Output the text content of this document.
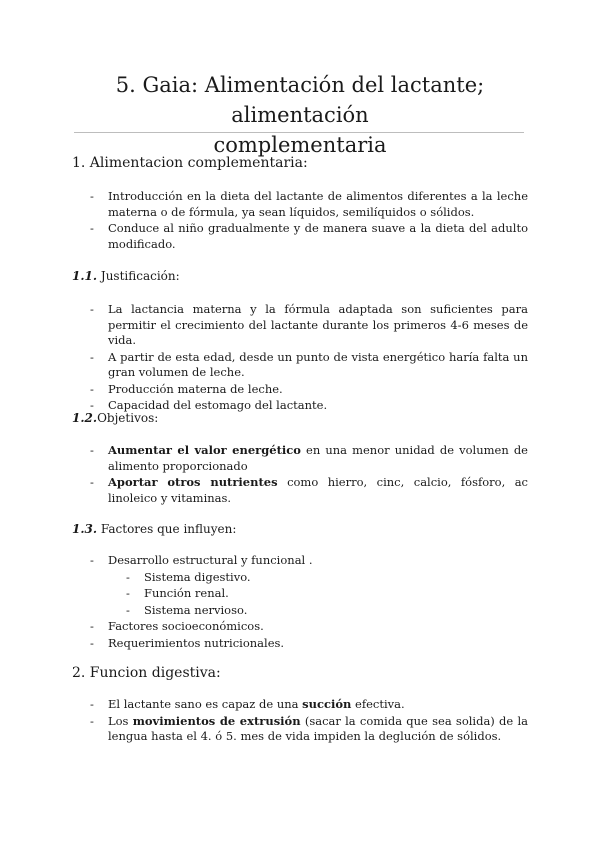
5. Gaia: Alimentación del lactante; alimentación
complementaria
1. Alimentacion complementaria:
- Introducción en la dieta del lactante de alimentos diferentes a la leche materna o de fórmula, ya sean líquidos, semilíquidos o sólidos.
- Conduce al niño gradualmente y de manera suave a la dieta del adulto modificado.
1.1. Justificación:
- La lactancia materna y la fórmula adaptada son suficientes para permitir el crecimiento del lactante durante los primeros 4-6 meses de vida.
- A partir de esta edad, desde un punto de vista energético haría falta un gran volumen de leche.
- Producción materna de leche.
- Capacidad del estomago del lactante.
1.2.Objetivos:
- Aumentar el valor energético en una menor unidad de volumen de alimento proporcionado
- Aportar otros nutrientes como hierro, cinc, calcio, fósforo, ac linoleico y vitaminas.
1.3. Factores que influyen:
- Desarrollo estructural y funcional .
- Sistema digestivo.
- Función renal.
- Sistema nervioso.
- Factores socioeconómicos.
- Requerimientos nutricionales.
2. Funcion digestiva:
- El lactante sano es capaz de una succión efectiva.
- Los movimientos de extrusión (sacar la comida que sea solida) de la lengua hasta el 4. ó 5. mes de vida impiden la deglución de sólidos.
